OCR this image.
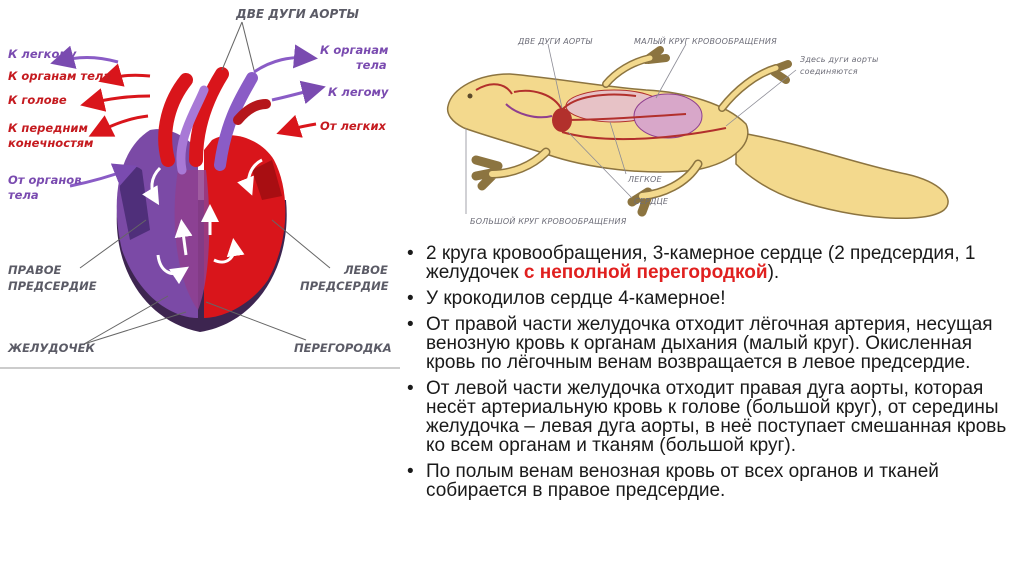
ДВЕ ДУГИ АОРТЫ
К легкому
К органам тела
К голове
К передним
конечностям
От органов
тела
К органам
тела
К легому
От легких
ПРАВОЕ
ПРЕДСЕРДИЕ
ЛЕВОЕ
ПРЕДСЕРДИЕ
ЖЕЛУДОЧЕК	ПЕРЕГОРОДКА
ДВЕ ДУГИ АОРТЫ	МАЛЫЙ КРУГ КРОВООБРАЩЕНИЯ
Здесь дуги аорты
соединяются
ЛЕГКОЕ
СЕРДЦЕ
БОЛЬШОЙ КРУГ КРОВООБРАЩЕНИЯ
• 2 круга кровообращения, 3-камерное сердце (2 предсердия, 1 желудочек с неполной перегородкой).
• У крокодилов сердце 4-камерное!
• От правой части желудочка отходит лёгочная артерия, несущая венозную кровь к органам дыхания (малый круг). Окисленная кровь по лёгочным венам возвращается в левое предсердие.
• От левой части желудочка отходит правая дуга аорты, которая несёт артериальную кровь к голове (большой круг), от середины желудочка – левая дуга аорты, в неё поступает смешанная кровь ко всем органам и тканям (большой круг).
• По полым венам венозная кровь от всех органов и тканей собирается в правое предсердие.
